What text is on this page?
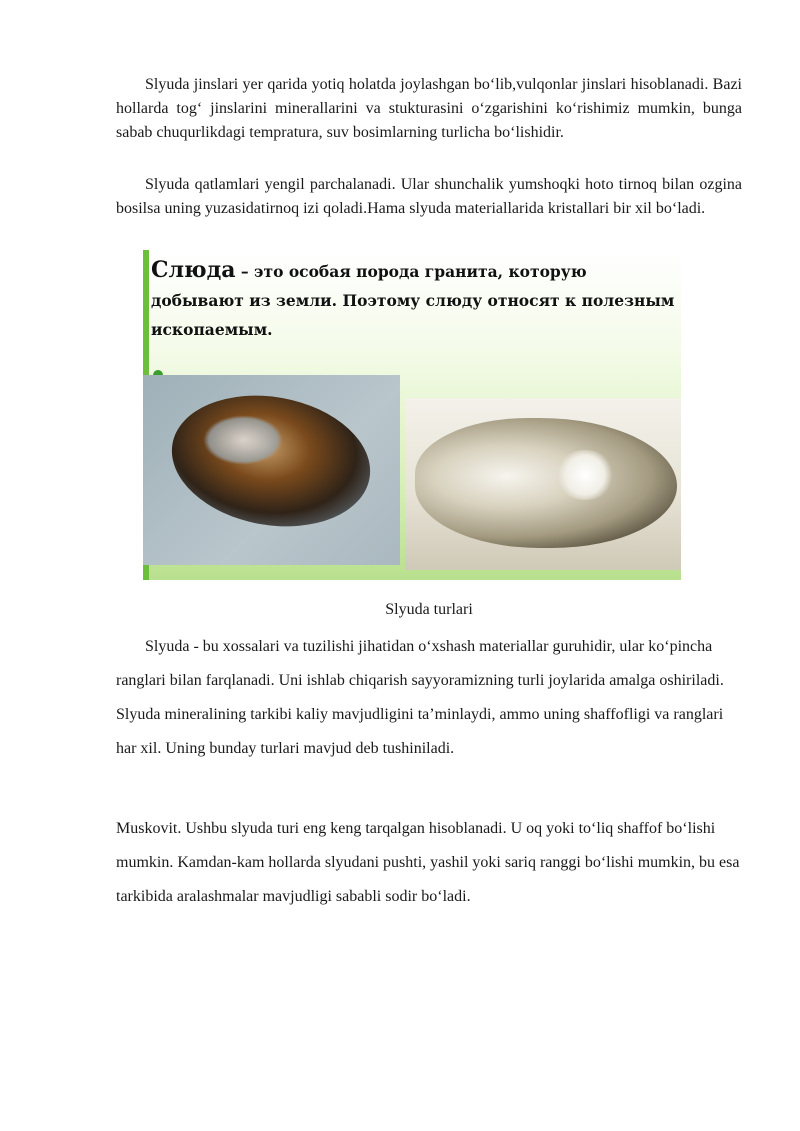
Slyuda jinslari yer qarida yotiq holatda joylashgan bo‘lib,vulqonlar jinslari hisoblanadi. Bazi hollarda tog‘ jinslarini minerallarini va stukturasini o‘zgarishini ko‘rishimiz mumkin, bunga sabab chuqurlikdagi tempratura, suv bosimlarning turlicha bo‘lishidir.

Slyuda qatlamlari yengil parchalanadi. Ular shunchalik yumshoqki hoto tirnoq bilan ozgina bosilsa uning yuzasidatirnoq izi qoladi.Hama slyuda materiallarida kristallari bir xil bo‘ladi.

Слюда – это особая порода гранита, которую добывают из земли. Поэтому слюду относят к полезным ископаемым.

Slyuda turlari

Slyuda - bu xossalari va tuzilishi jihatidan o‘xshash materiallar guruhidir, ular ko‘pincha ranglari bilan farqlanadi. Uni ishlab chiqarish sayyoramizning turli joylarida amalga oshiriladi. Slyuda mineralining tarkibi kaliy mavjudligini ta’minlaydi, ammo uning shaffofligi va ranglari har xil. Uning bunday turlari mavjud deb tushiniladi.

Muskovit. Ushbu slyuda turi eng keng tarqalgan hisoblanadi. U oq yoki to‘liq shaffof bo‘lishi mumkin. Kamdan-kam hollarda slyudani pushti, yashil yoki sariq ranggi bo‘lishi mumkin, bu esa tarkibida aralashmalar mavjudligi sababli sodir bo‘ladi.
